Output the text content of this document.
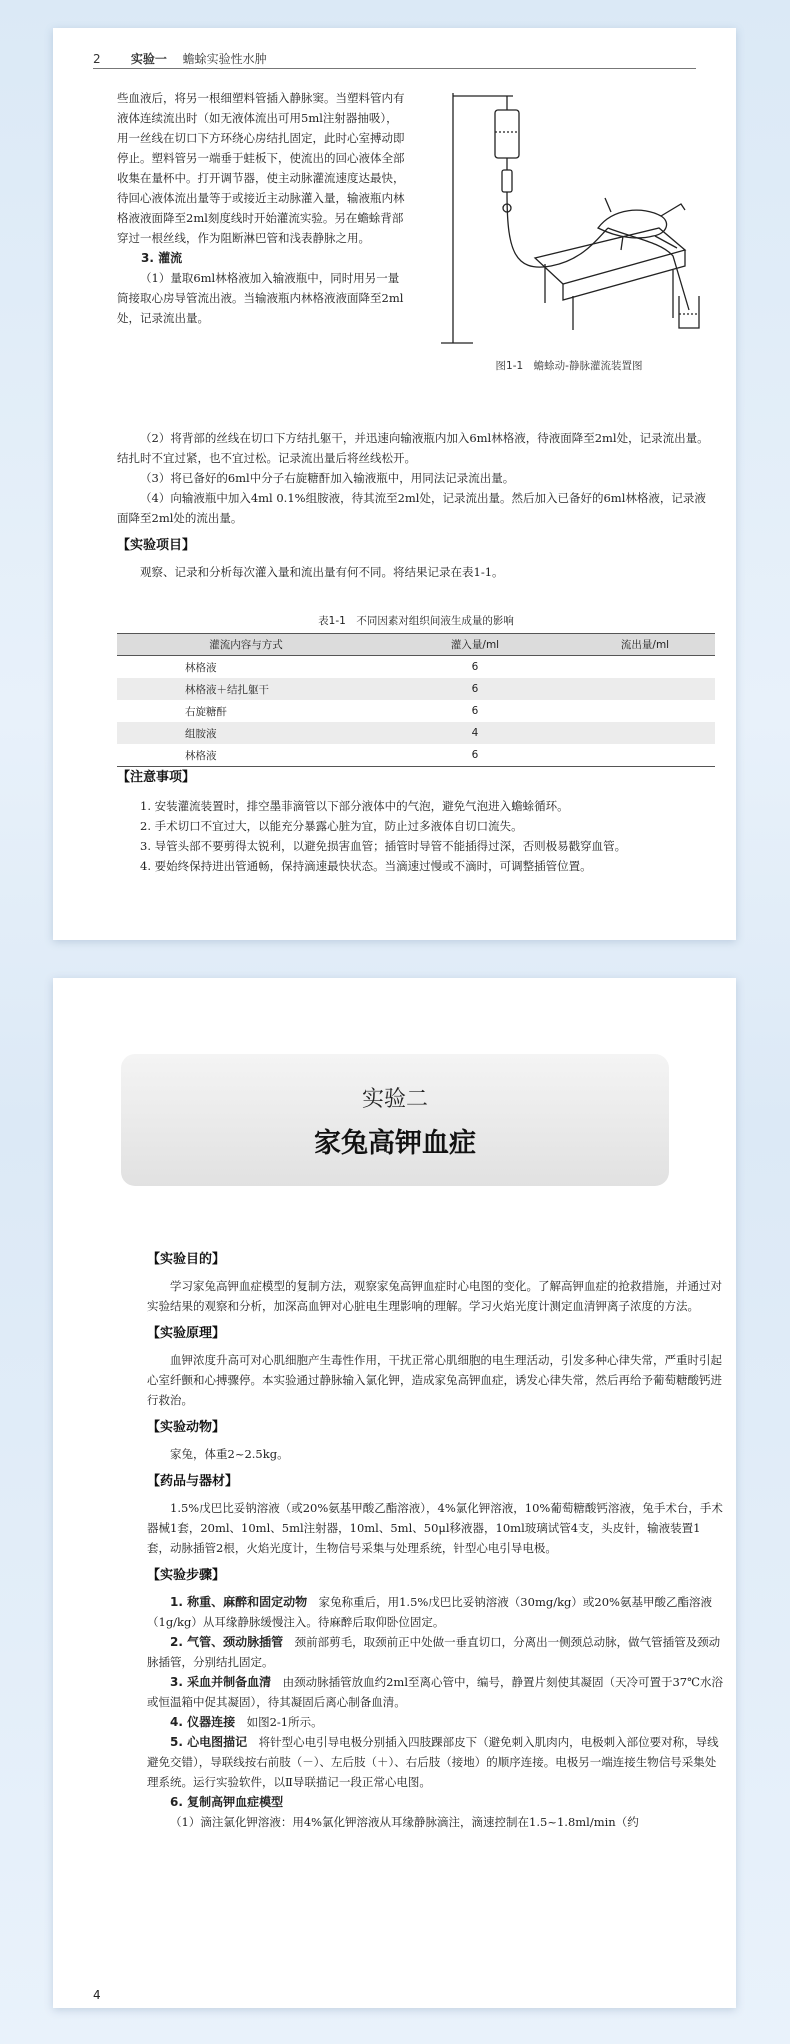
2	实验一 蟾蜍实验性水肿
些血液后，将另一根细塑料管插入静脉窦。当塑料管内有液体连续流出时（如无液体流出可用5ml注射器抽吸），用一丝线在切口下方环绕心房结扎固定，此时心室搏动即停止。塑料管另一端垂于蛙板下，使流出的回心液体全部收集在量杯中。打开调节器，使主动脉灌流速度达最快，待回心液体流出量等于或接近主动脉灌入量，输液瓶内林格液液面降至2ml刻度线时开始灌流实验。另在蟾蜍背部穿过一根丝线，作为阻断淋巴管和浅表静脉之用。
3. 灌流
（1）量取6ml林格液加入输液瓶中，同时用另一量筒接取心房导管流出液。当输液瓶内林格液液面降至2ml处，记录流出量。
图1-1　蟾蜍动-静脉灌流装置图
（2）将背部的丝线在切口下方结扎躯干，并迅速向输液瓶内加入6ml林格液，待液面降至2ml处，记录流出量。结扎时不宜过紧，也不宜过松。记录流出量后将丝线松开。
（3）将已备好的6ml中分子右旋糖酐加入输液瓶中，用同法记录流出量。
（4）向输液瓶中加入4ml 0.1%组胺液，待其流至2ml处，记录流出量。然后加入已备好的6ml林格液，记录液面降至2ml处的流出量。
【实验项目】
观察、记录和分析每次灌入量和流出量有何不同。将结果记录在表1-1。
表1-1　不同因素对组织间液生成量的影响
灌流内容与方式	灌入量/ml	流出量/ml
林格液	6	
林格液＋结扎躯干	6	
右旋糖酐	6	
组胺液	4	
林格液	6	
【注意事项】

1. 安装灌流装置时，排空墨菲滴管以下部分液体中的气泡，避免气泡进入蟾蜍循环。

2. 手术切口不宜过大，以能充分暴露心脏为宜，防止过多液体自切口流失。

3. 导管头部不要剪得太锐利，以避免损害血管；插管时导管不能插得过深，否则极易戳穿血管。

4. 要始终保持进出管通畅，保持滴速最快状态。当滴速过慢或不滴时，可调整插管位置。

实验二
家兔高钾血症
【实验目的】
学习家兔高钾血症模型的复制方法，观察家兔高钾血症时心电图的变化。了解高钾血症的抢救措施，并通过对实验结果的观察和分析，加深高血钾对心脏电生理影响的理解。学习火焰光度计测定血清钾离子浓度的方法。
【实验原理】
血钾浓度升高可对心肌细胞产生毒性作用，干扰正常心肌细胞的电生理活动，引发多种心律失常，严重时引起心室纤颤和心搏骤停。本实验通过静脉输入氯化钾，造成家兔高钾血症，诱发心律失常，然后再给予葡萄糖酸钙进行救治。
【实验动物】
家兔，体重2~2.5kg。
【药品与器材】
1.5%戊巴比妥钠溶液（或20%氨基甲酸乙酯溶液），4%氯化钾溶液，10%葡萄糖酸钙溶液，兔手术台，手术器械1套，20ml、10ml、5ml注射器，10ml、5ml、50μl移液器，10ml玻璃试管4支，头皮针，输液装置1套，动脉插管2根，火焰光度计，生物信号采集与处理系统，针型心电引导电极。
【实验步骤】

1. 称重、麻醉和固定动物　 家兔称重后，用1.5%戊巴比妥钠溶液（30mg/kg）或20%氨基甲酸乙酯溶液（1g/kg）从耳缘静脉缓慢注入。待麻醉后取仰卧位固定。

2. 气管、颈动脉插管　 颈前部剪毛，取颈前正中处做一垂直切口，分离出一侧颈总动脉，做气管插管及颈动脉插管，分别结扎固定。

3. 采血并制备血清　 由颈动脉插管放血约2ml至离心管中，编号，静置片刻使其凝固（天冷可置于37℃水浴或恒温箱中促其凝固），待其凝固后离心制备血清。

4. 仪器连接　 如图2-1所示。

5. 心电图描记　 将针型心电引导电极分别插入四肢踝部皮下（避免刺入肌肉内，电极刺入部位要对称，导线避免交错），导联线按右前肢（－）、左后肢（＋）、右后肢（接地）的顺序连接。电极另一端连接生物信号采集处理系统。运行实验软件，以Ⅱ导联描记一段正常心电图。

6. 复制高钾血症模型

（1）滴注氯化钾溶液：用4%氯化钾溶液从耳缘静脉滴注，滴速控制在1.5~1.8ml/min（约

4
